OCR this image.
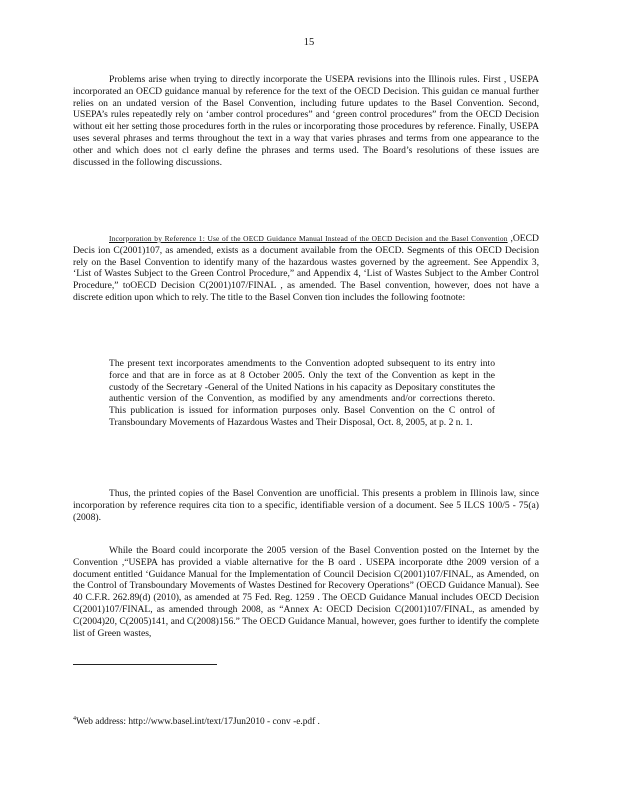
15
Problems arise when trying to directly incorporate the USEPA revisions into the Illinois rules. First , USEPA incorporated an OECD guidance manual by reference for the text of the OECD Decision. This guidan ce manual further relies on an undated version of the Basel Convention, including future updates to the Basel Convention. Second, USEPA’s rules repeatedly rely on ‘amber control procedures” and ‘green control procedures” from the OECD Decision without eit her setting those procedures forth in the rules or incorporating those procedures by reference. Finally, USEPA uses several phrases and terms throughout the text in a way that varies phrases and terms from one appearance to the other and which does not cl early define the phrases and terms used. The Board’s resolutions of these issues are discussed in the following discussions.
Incorporation by Reference 1: Use of the OECD Guidance Manual Instead of the OECD Decision and the Basel Convention ,OECD Decis ion C(2001)107, as amended, exists as a document available from the OECD. Segments of this OECD Decision rely on the Basel Convention to identify many of the hazardous wastes governed by the agreement. See Appendix 3, ‘List of Wastes Subject to the Green Control Procedure,” and Appendix 4, ‘List of Wastes Subject to the Amber Control Procedure,” toOECD Decision C(2001)107/FINAL , as amended. The Basel convention, however, does not have a discrete edition upon which to rely. The title to the Basel Conven tion includes the following footnote:
The present text incorporates amendments to the Convention adopted subsequent to its entry into force and that are in force as at 8 October 2005. Only the text of the Convention as kept in the custody of the Secretary -General of the United Nations in his capacity as Depositary constitutes the authentic version of the Convention, as modified by any amendments and/or corrections thereto. This publication is issued for information purposes only. Basel Convention on the C ontrol of Transboundary Movements of Hazardous Wastes and Their Disposal, Oct. 8, 2005, at p. 2 n. 1.
Thus, the printed copies of the Basel Convention are unofficial. This presents a problem in Illinois law, since incorporation by reference requires cita tion to a specific, identifiable version of a document. See 5 ILCS 100/5 - 75(a) (2008).
While the Board could incorporate the 2005 version of the Basel Convention posted on the Internet by the Convention ,“USEPA has provided a viable alternative for the B oard . USEPA incorporate dthe 2009 version of a document entitled ‘Guidance Manual for the Implementation of Council Decision C(2001)107/FINAL, as Amended, on the Control of Transboundary Movements of Wastes Destined for Recovery Operations” (OECD Guidance Manual). See 40 C.F.R. 262.89(d) (2010), as amended at 75 Fed. Reg. 1259 . The OECD Guidance Manual includes OECD Decision C(2001)107/FINAL, as amended through 2008, as “Annex A: OECD Decision C(2001)107/FINAL, as amended by C(2004)20, C(2005)141, and C(2008)156.” The OECD Guidance Manual, however, goes further to identify the complete list of Green wastes,
$^4$Web address: http://www.basel.int/text/17Jun2010 - conv -e.pdf .
